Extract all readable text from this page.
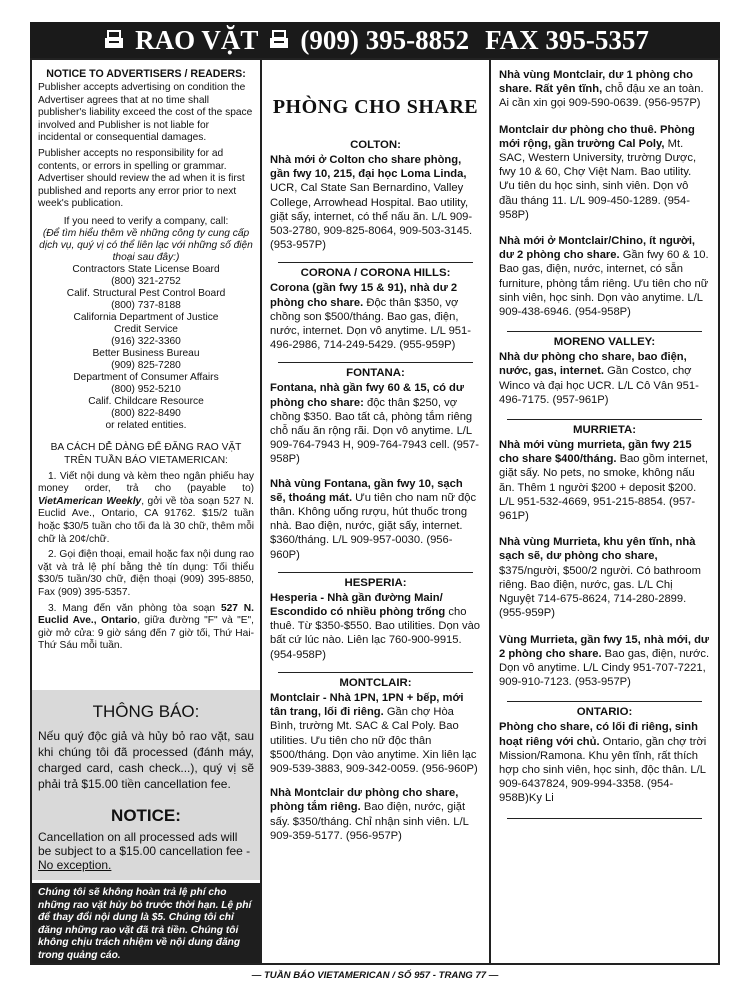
RAO VẶT (909) 395-8852 FAX 395-5357
NOTICE TO ADVERTISERS / READERS:

Publisher accepts advertising on condition the Advertiser agrees that at no time shall publisher's liability exceed the cost of the space involved and Publisher is not liable for incidental or consequential damages.

Publisher accepts no responsibility for ad contents, or errors in spelling or grammar. Advertiser should review the ad when it is first published and reports any error prior to next week's publication.

If you need to verify a company, call:
(Để tìm hiểu thêm về những công ty cung cấp dịch vụ, quý vị có thể liên lạc với những số điện thoại sau đây:)
Contractors State License Board
(800) 321-2752
Calif. Structural Pest Control Board
(800) 737-8188
California Department of Justice
Credit Service
(916) 322-3360
Better Business Bureau
(909) 825-7280
Department of Consumer Affairs
(800) 952-5210
Calif. Childcare Resource
(800) 822-8490
or related entities.

BA CÁCH DỄ DÀNG ĐỂ ĐĂNG RAO VẶT TRÊN TUẦN BÁO VIETAMERICAN:

1. Viết nội dung và kèm theo ngân phiếu hay money order, trả cho (payable to) VietAmerican Weekly, gởi về tòa soạn 527 N. Euclid Ave., Ontario, CA 91762. $15/2 tuần hoặc $30/5 tuần cho tối đa là 30 chữ, thêm mỗi chữ là 20¢/chữ.

2. Gọi điện thoại, email hoặc fax nội dung rao vặt và trả lệ phí bằng thẻ tín dụng: Tối thiểu $30/5 tuần/30 chữ, điện thoại (909) 395-8850, Fax (909) 395-5357.

3. Mang đến văn phòng tòa soạn 527 N. Euclid Ave., Ontario, giữa đường "F" và "E", giờ mở cửa: 9 giờ sáng đến 7 giờ tối, Thứ Hai-Thứ Sáu mỗi tuần.

THÔNG BÁO:
Nếu quý độc giả và hủy bỏ rao vặt, sau khi chúng tôi đã processed (đánh máy, charged card, cash check...), quý vị sẽ phải trả $15.00 tiền cancellation fee.
NOTICE:
Cancellation on all processed ads will be subject to a $15.00 cancellation fee - No exception.
Chúng tôi sẽ không hoàn trả lệ phí cho những rao vặt hủy bỏ trước thời hạn. Lệ phí để thay đổi nội dung là $5. Chúng tôi chỉ đăng những rao vặt đã trả tiền. Chúng tôi không chịu trách nhiệm về nội dung đăng trong quảng cáo.
PHÒNG CHO SHARE
COLTON:
Nhà mới ở Colton cho share phòng, gần fwy 10, 215, đại học Loma Linda, UCR, Cal State San Bernardino, Valley College, Arrowhead Hospital. Bao utility, giặt sấy, internet, có thể nấu ăn. L/L 909-503-2780, 909-825-8064, 909-503-3145. (953-957P)
CORONA / CORONA HILLS:
Corona (gần fwy 15 & 91), nhà dư 2 phòng cho share. Độc thân $350, vợ chồng son $500/tháng. Bao gas, điện, nước, internet. Dọn vô anytime. L/L 951-496-2986, 714-249-5429. (955-959P)
FONTANA:
Fontana, nhà gần fwy 60 & 15, có dư phòng cho share: độc thân $250, vợ chồng $350. Bao tất cả, phòng tắm riêng chỗ nấu ăn rộng rãi. Dọn vô anytime. L/L 909-764-7943 H, 909-764-7943 cell. (957-958P)
Nhà vùng Fontana, gần fwy 10, sạch sẽ, thoáng mát. Ưu tiên cho nam nữ độc thân. Không uống rượu, hút thuốc trong nhà. Bao điện, nước, giặt sấy, internet. $360/tháng. L/L 909-957-0030. (956-960P)
HESPERIA:
Hesperia - Nhà gần đường Main/ Escondido có nhiều phòng trống cho thuê. Từ $350-$550. Bao utilities. Dọn vào bất cứ lúc nào. Liên lạc 760-900-9915. (954-958P)
MONTCLAIR:
Montclair - Nhà 1PN, 1PN + bếp, mới tân trang, lối đi riêng. Gần chợ Hòa Bình, trường Mt. SAC & Cal Poly. Bao utilities. Ưu tiên cho nữ độc thân $500/tháng. Dọn vào anytime. Xin liên lạc 909-539-3883, 909-342-0059. (956-960P)
Nhà Montclair dư phòng cho share, phòng tắm riêng. Bao điện, nước, giặt sấy. $350/tháng. Chỉ nhận sinh viên. L/L 909-359-5177. (956-957P)
Nhà vùng Montclair, dư 1 phòng cho share. Rất yên tĩnh, chỗ đậu xe an toàn. Ai cần xin gọi 909-590-0639. (956-957P)
Montclair dư phòng cho thuê. Phòng mới rộng, gần trường Cal Poly, Mt. SAC, Western University, trường Dược, fwy 10 & 60, Chợ Việt Nam. Bao utility. Ưu tiên du học sinh, sinh viên. Dọn vô đầu tháng 11. L/L 909-450-1289. (954-958P)
Nhà mới ở Montclair/Chino, ít người, dư 2 phòng cho share. Gần fwy 60 & 10. Bao gas, điện, nước, internet, có sẵn furniture, phòng tắm riêng. Ưu tiên cho nữ sinh viên, học sinh. Dọn vào anytime. L/L 909-438-6946. (954-958P)
MORENO VALLEY:
Nhà dư phòng cho share, bao điện, nước, gas, internet. Gần Costco, chợ Winco và đại học UCR. L/L Cô Vân 951-496-7175. (957-961P)
MURRIETA:
Nhà mới vùng murrieta, gần fwy 215 cho share $400/tháng. Bao gồm internet, giặt sấy. No pets, no smoke, không nấu ăn. Thêm 1 người $200 + deposit $200. L/L 951-532-4669, 951-215-8854. (957-961P)
Nhà vùng Murrieta, khu yên tĩnh, nhà sạch sẽ, dư phòng cho share, $375/người, $500/2 người. Có bathroom riêng. Bao điện, nước, gas. L/L Chị Nguyệt 714-675-8624, 714-280-2899. (955-959P)
Vùng Murrieta, gần fwy 15, nhà mới, dư 2 phòng cho share. Bao gas, điện, nước. Dọn vô anytime. L/L Cindy 951-707-7221, 909-910-7123. (953-957P)
ONTARIO:
Phòng cho share, có lối đi riêng, sinh hoạt riêng với chủ. Ontario, gần chợ trời Mission/Ramona. Khu yên tĩnh, rất thích hợp cho sinh viên, học sinh, độc thân. L/L 909-6437824, 909-994-3358. (954-958B)Ky Li
— TUẦN BÁO VIETAMERICAN / SỐ 957 - TRANG 77 —
